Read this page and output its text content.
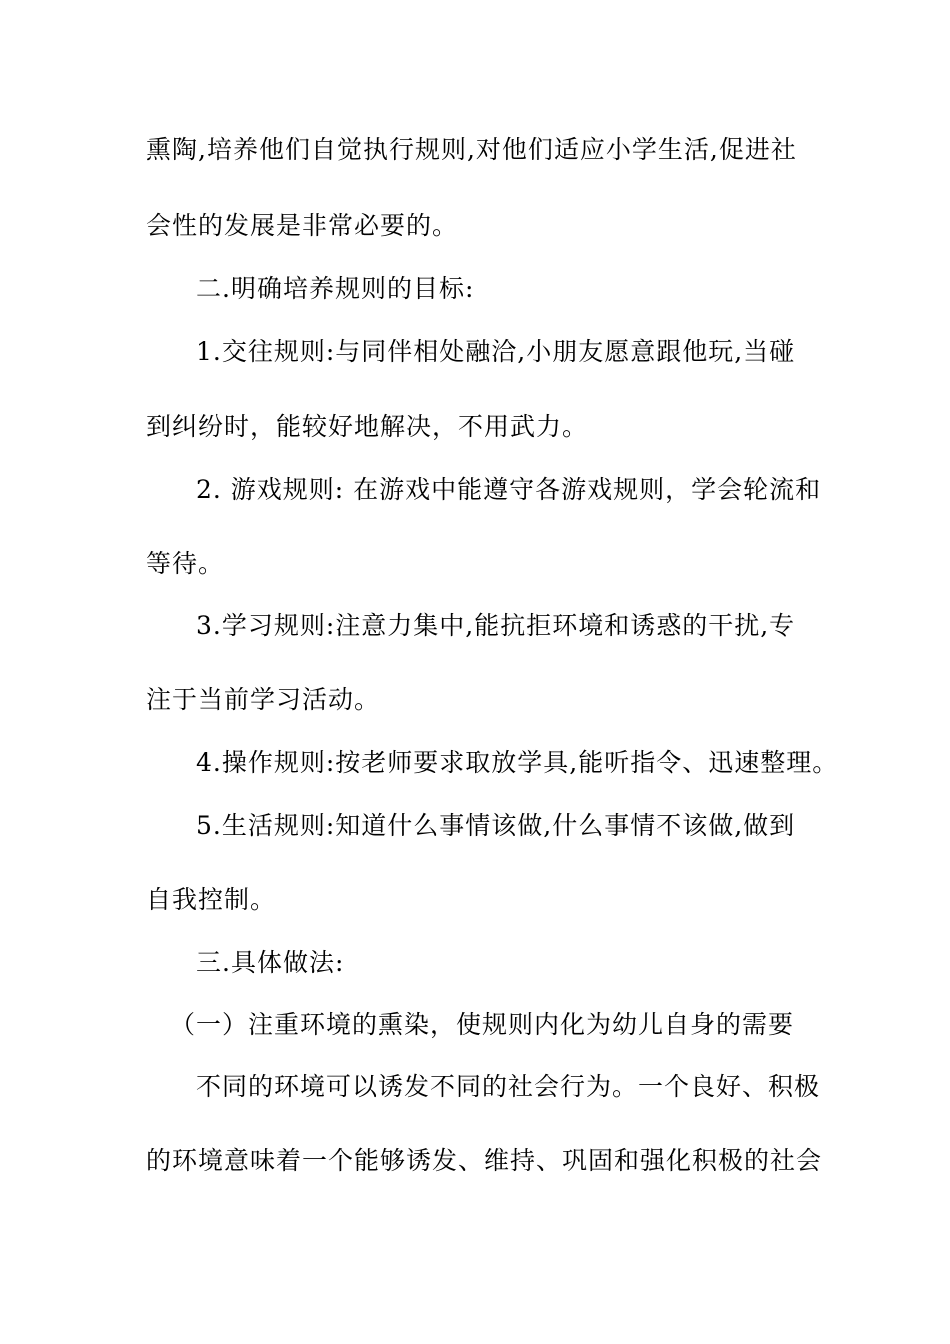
熏陶,培养他们自觉执行规则,对他们适应小学生活,促进社
会性的发展是非常必要的。
二.明确培养规则的目标:
1.交往规则:与同伴相处融洽,小朋友愿意跟他玩,当碰
到纠纷时，能较好地解决，不用武力。
2. 游戏规则: 在游戏中能遵守各游戏规则，学会轮流和
等待。
3.学习规则:注意力集中,能抗拒环境和诱惑的干扰,专
注于当前学习活动。
4.操作规则:按老师要求取放学具,能听指令、迅速整理。
5.生活规则:知道什么事情该做,什么事情不该做,做到
自我控制。
三.具体做法:
（一）注重环境的熏染，使规则内化为幼儿自身的需要
不同的环境可以诱发不同的社会行为。一个良好、积极
的环境意味着一个能够诱发、维持、巩固和强化积极的社会
